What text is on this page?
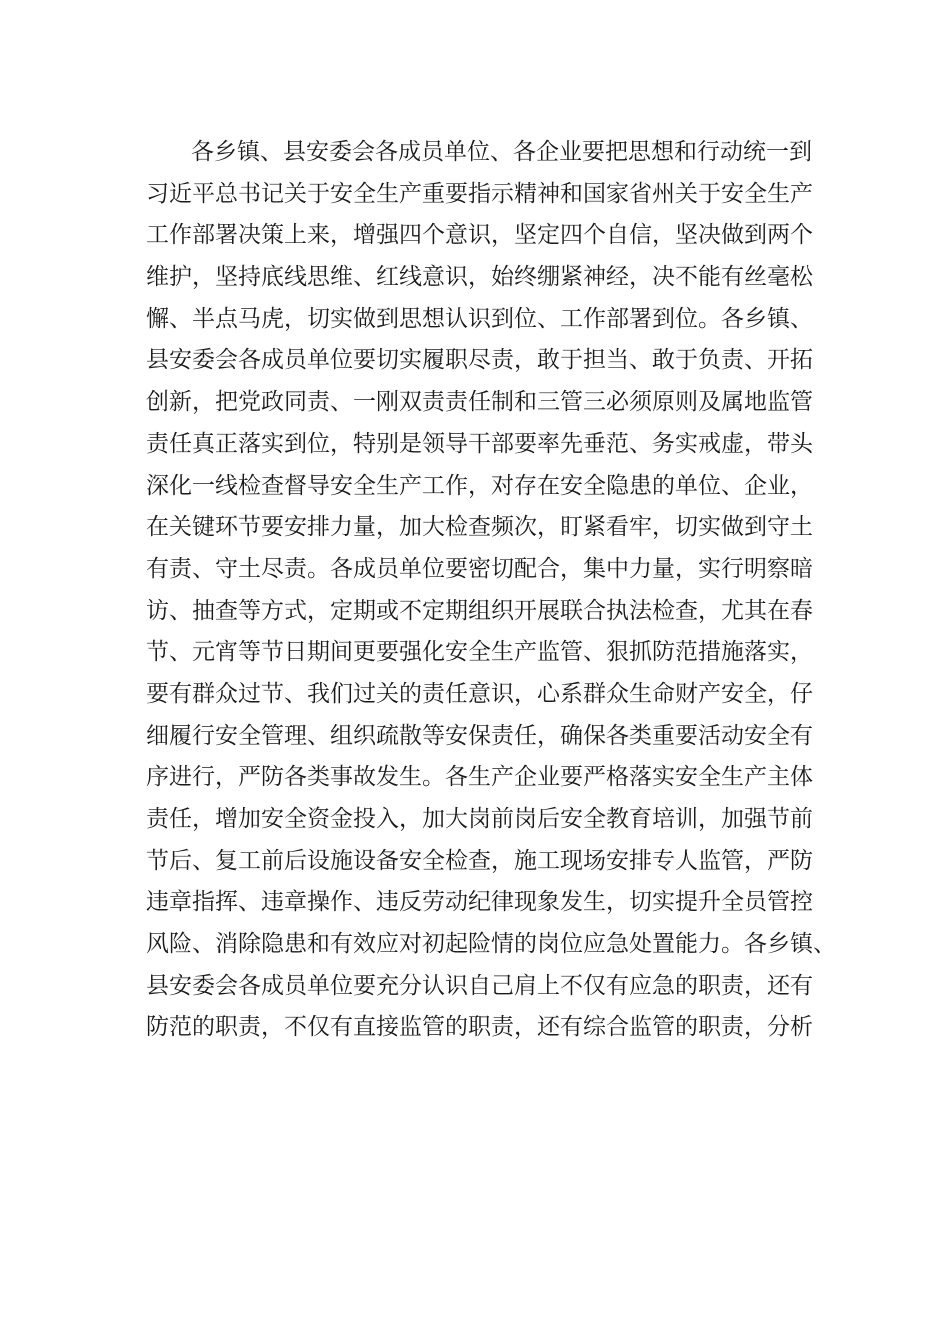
各乡镇、县安委会各成员单位、各企业要把思想和行动统一到
习近平总书记关于安全生产重要指示精神和国家省州关于安全生产
工作部署决策上来，增强四个意识，坚定四个自信，坚决做到两个
维护，坚持底线思维、红线意识，始终绷紧神经，决不能有丝毫松
懈、半点马虎，切实做到思想认识到位、工作部署到位。各乡镇、
县安委会各成员单位要切实履职尽责，敢于担当、敢于负责、开拓
创新，把党政同责、一刚双责责任制和三管三必须原则及属地监管
责任真正落实到位，特别是领导干部要率先垂范、务实戒虚，带头
深化一线检查督导安全生产工作，对存在安全隐患的单位、企业，
在关键环节要安排力量，加大检查频次，盯紧看牢，切实做到守土
有责、守土尽责。各成员单位要密切配合，集中力量，实行明察暗
访、抽查等方式，定期或不定期组织开展联合执法检查，尤其在春
节、元宵等节日期间更要强化安全生产监管、狠抓防范措施落实，
要有群众过节、我们过关的责任意识，心系群众生命财产安全，仔
细履行安全管理、组织疏散等安保责任，确保各类重要活动安全有
序进行，严防各类事故发生。各生产企业要严格落实安全生产主体
责任，增加安全资金投入，加大岗前岗后安全教育培训，加强节前
节后、复工前后设施设备安全检查，施工现场安排专人监管，严防
违章指挥、违章操作、违反劳动纪律现象发生，切实提升全员管控
风险、消除隐患和有效应对初起险情的岗位应急处置能力。各乡镇、
县安委会各成员单位要充分认识自己肩上不仅有应急的职责，还有
防范的职责，不仅有直接监管的职责，还有综合监管的职责，分析
